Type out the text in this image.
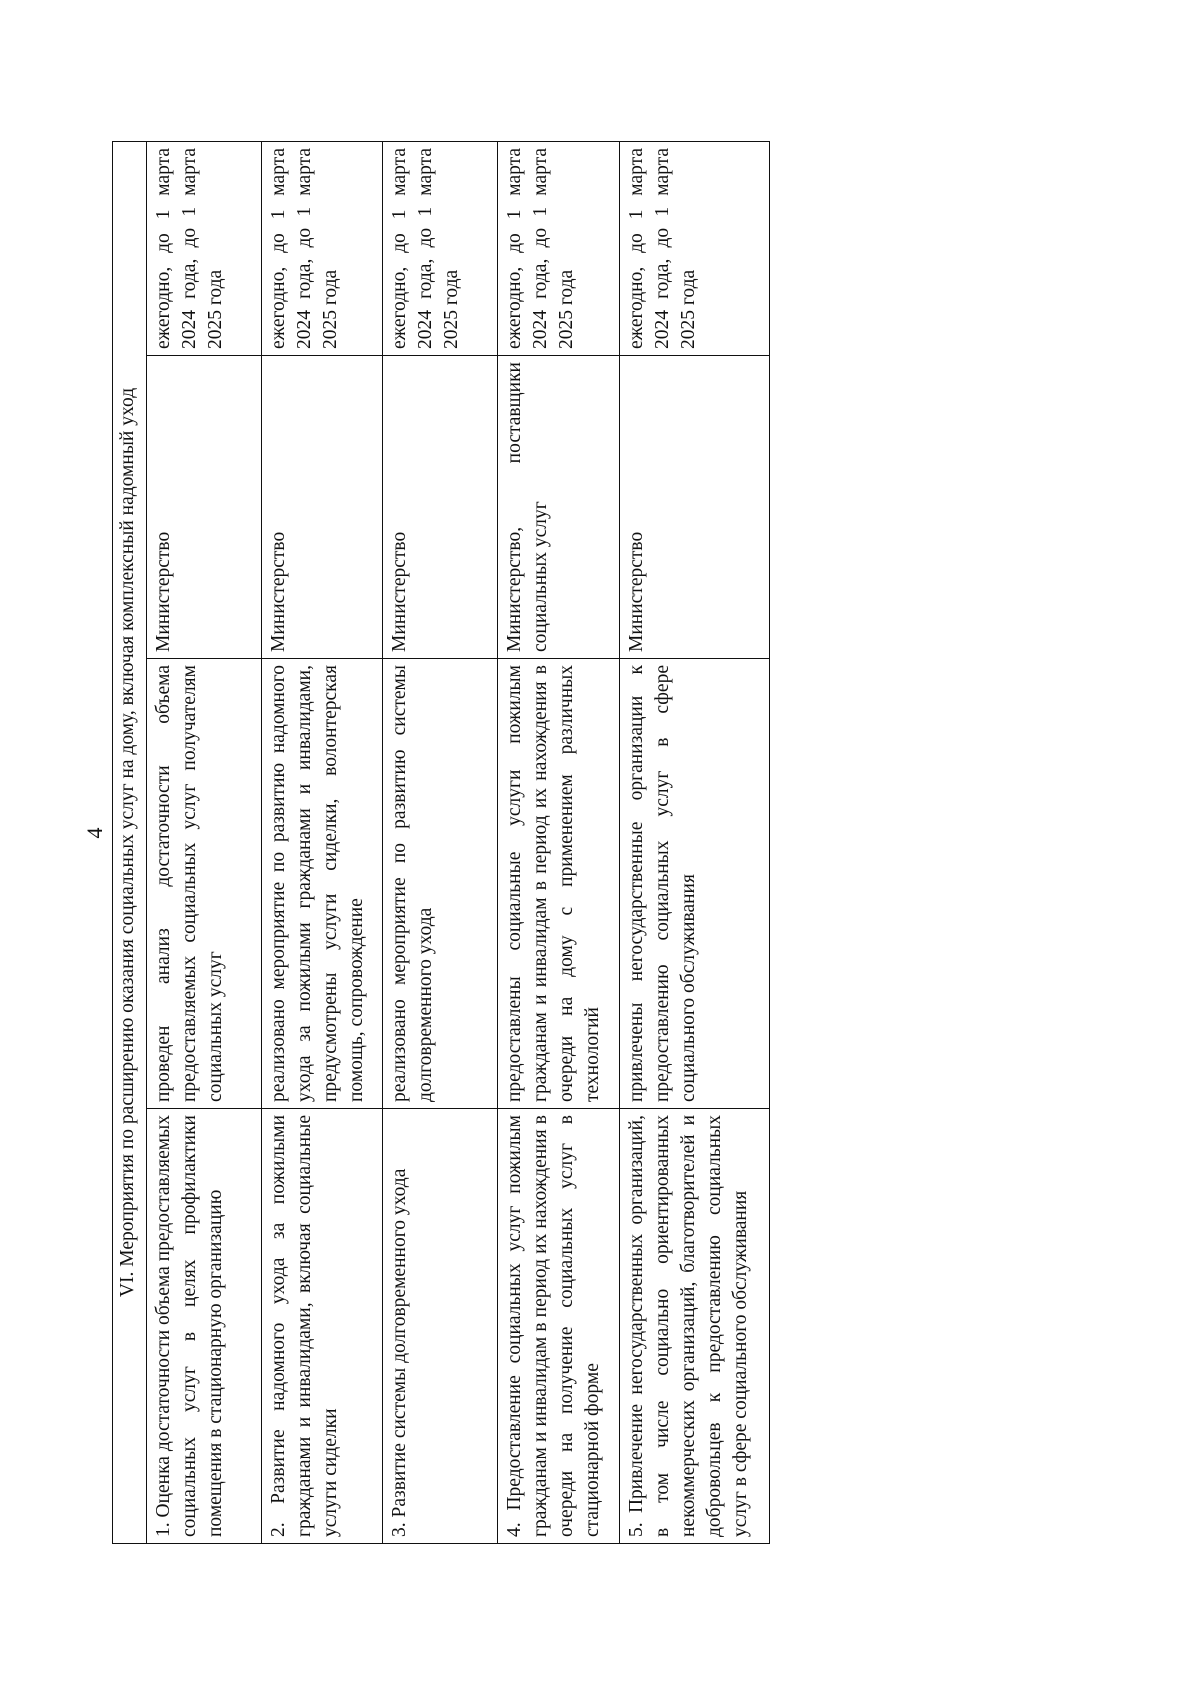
4 VI. Мероприятия по расширению оказания социальных услуг на дому, включая комплексный надомный уход			
1. Оценка достаточности объема предоставляемых социальных услуг в целях профилактики помещения в стационарную организацию	проведен анализ достаточности объема предоставляемых социальных услуг получателям социальных услуг	Министерство	ежегодно, до 1 марта 2024 года, до 1 марта 2025 года
2. Развитие надомного ухода за пожилыми гражданами и инвалидами, включая социальные услуги сиделки	реализовано мероприятие по развитию надомного ухода за пожилыми гражданами и инвалидами, предусмотрены услуги сиделки, волонтерская помощь, сопровождение	Министерство	ежегодно, до 1 марта 2024 года, до 1 марта 2025 года
3. Развитие системы долговременного ухода	реализовано мероприятие по развитию системы долговременного ухода	Министерство	ежегодно, до 1 марта 2024 года, до 1 марта 2025 года
4. Предоставление социальных услуг пожилым гражданам и инвалидам в период их нахождения в очереди на получение социальных услуг в стационарной форме	предоставлены социальные услуги пожилым гражданам и инвалидам в период их нахождения в очереди на дому с применением различных технологий	Министерство, поставщики социальных услуг	ежегодно, до 1 марта 2024 года, до 1 марта 2025 года
5. Привлечение негосударственных организаций, в том числе социально ориентированных некоммерческих организаций, благотворителей и добровольцев к предоставлению социальных услуг в сфере социального обслуживания	привлечены негосударственные организации к предоставлению социальных услуг в сфере социального обслуживания	Министерство	ежегодно, до 1 марта 2024 года, до 1 марта 2025 года
